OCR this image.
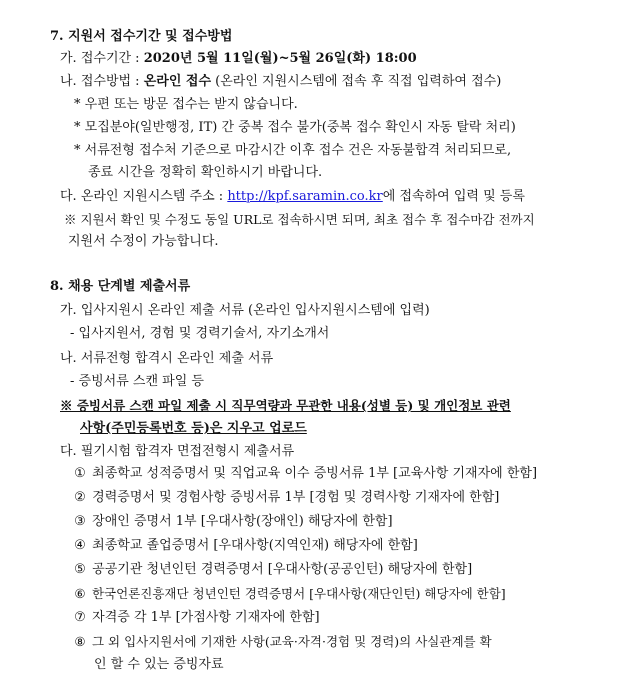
7. 지원서 접수기간 및 접수방법
가. 접수기간 : 2020년 5월 11일(월)~5월 26일(화) 18:00
나. 접수방법 : 온라인 접수 (온라인 지원시스템에 접속 후 직접 입력하여 접수)
* 우편 또는 방문 접수는 받지 않습니다.
* 모집분야(일반행정, IT) 간 중복 접수 불가(중복 접수 확인시 자동 탈락 처리)
* 서류전형 접수처 기준으로 마감시간 이후 접수 건은 자동불합격 처리되므로,
종료 시간을 정확히 확인하시기 바랍니다.
다. 온라인 지원시스템 주소 : http://kpf.saramin.co.kr에 접속하여 입력 및 등록
※ 지원서 확인 및 수정도 동일 URL로 접속하시면 되며, 최초 접수 후 접수마감 전까지
지원서 수정이 가능합니다.
8. 채용 단계별 제출서류
가. 입사지원시 온라인 제출 서류 (온라인 입사지원시스템에 입력)
- 입사지원서, 경험 및 경력기술서, 자기소개서
나. 서류전형 합격시 온라인 제출 서류
- 증빙서류 스캔 파일 등
※ 증빙서류 스캔 파일 제출 시 직무역량과 무관한 내용(성별 등) 및 개인정보 관련
사항(주민등록번호 등)은 지우고 업로드
다. 필기시험 합격자 면접전형시 제출서류
① 최종학교 성적증명서 및 직업교육 이수 증빙서류 1부 [교육사항 기재자에 한함]
② 경력증명서 및 경험사항 증빙서류 1부 [경험 및 경력사항 기재자에 한함]
③ 장애인 증명서 1부 [우대사항(장애인) 해당자에 한함]
④ 최종학교 졸업증명서 [우대사항(지역인재) 해당자에 한함]
⑤ 공공기관 청년인턴 경력증명서 [우대사항(공공인턴) 해당자에 한함]
⑥ 한국언론진흥재단 청년인턴 경력증명서 [우대사항(재단인턴) 해당자에 한함]
⑦ 자격증 각 1부 [가점사항 기재자에 한함]
⑧ 그 외 입사지원서에 기재한 사항(교육·자격·경험 및 경력)의 사실관계를 확
인 할 수 있는 증빙자료
